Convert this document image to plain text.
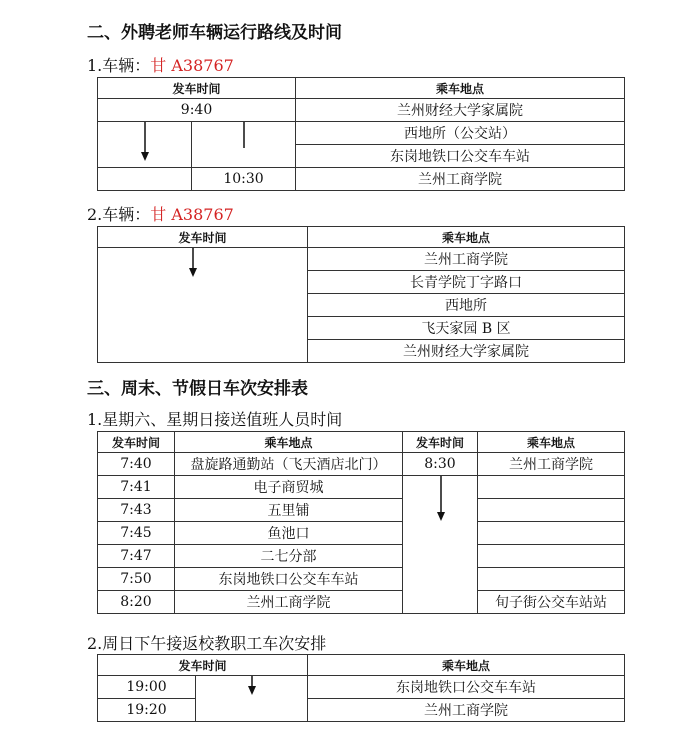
二、外聘老师车辆运行路线及时间
1.车辆：甘 A38767
发车时间		乘车地点
9:40		兰州财经大学家属院

	西地所（公交站）
		东岗地铁口公交车车站
	10:30	兰州工商学院
2.车辆：甘 A38767
发车时间	乘车地点

	兰州工商学院
	长青学院丁字路口
	西地所
	飞天家园 B 区
	兰州财经大学家属院
三、周末、节假日车次安排表
1.星期六、星期日接送值班人员时间
发车时间	乘车地点	发车时间	乘车地点
7:40	盘旋路通勤站（飞天酒店北门）	8:30	兰州工商学院
7:41	电子商贸城	

7:43	五里铺		
7:45	鱼池口		
7:47	二七分部		
7:50	东岗地铁口公交车车站		
8:20	兰州工商学院		旬子街公交车站站
2.周日下午接返校教职工车次安排
发车时间		乘车地点
19:00		东岗地铁口公交车车站
19:20		兰州工商学院
